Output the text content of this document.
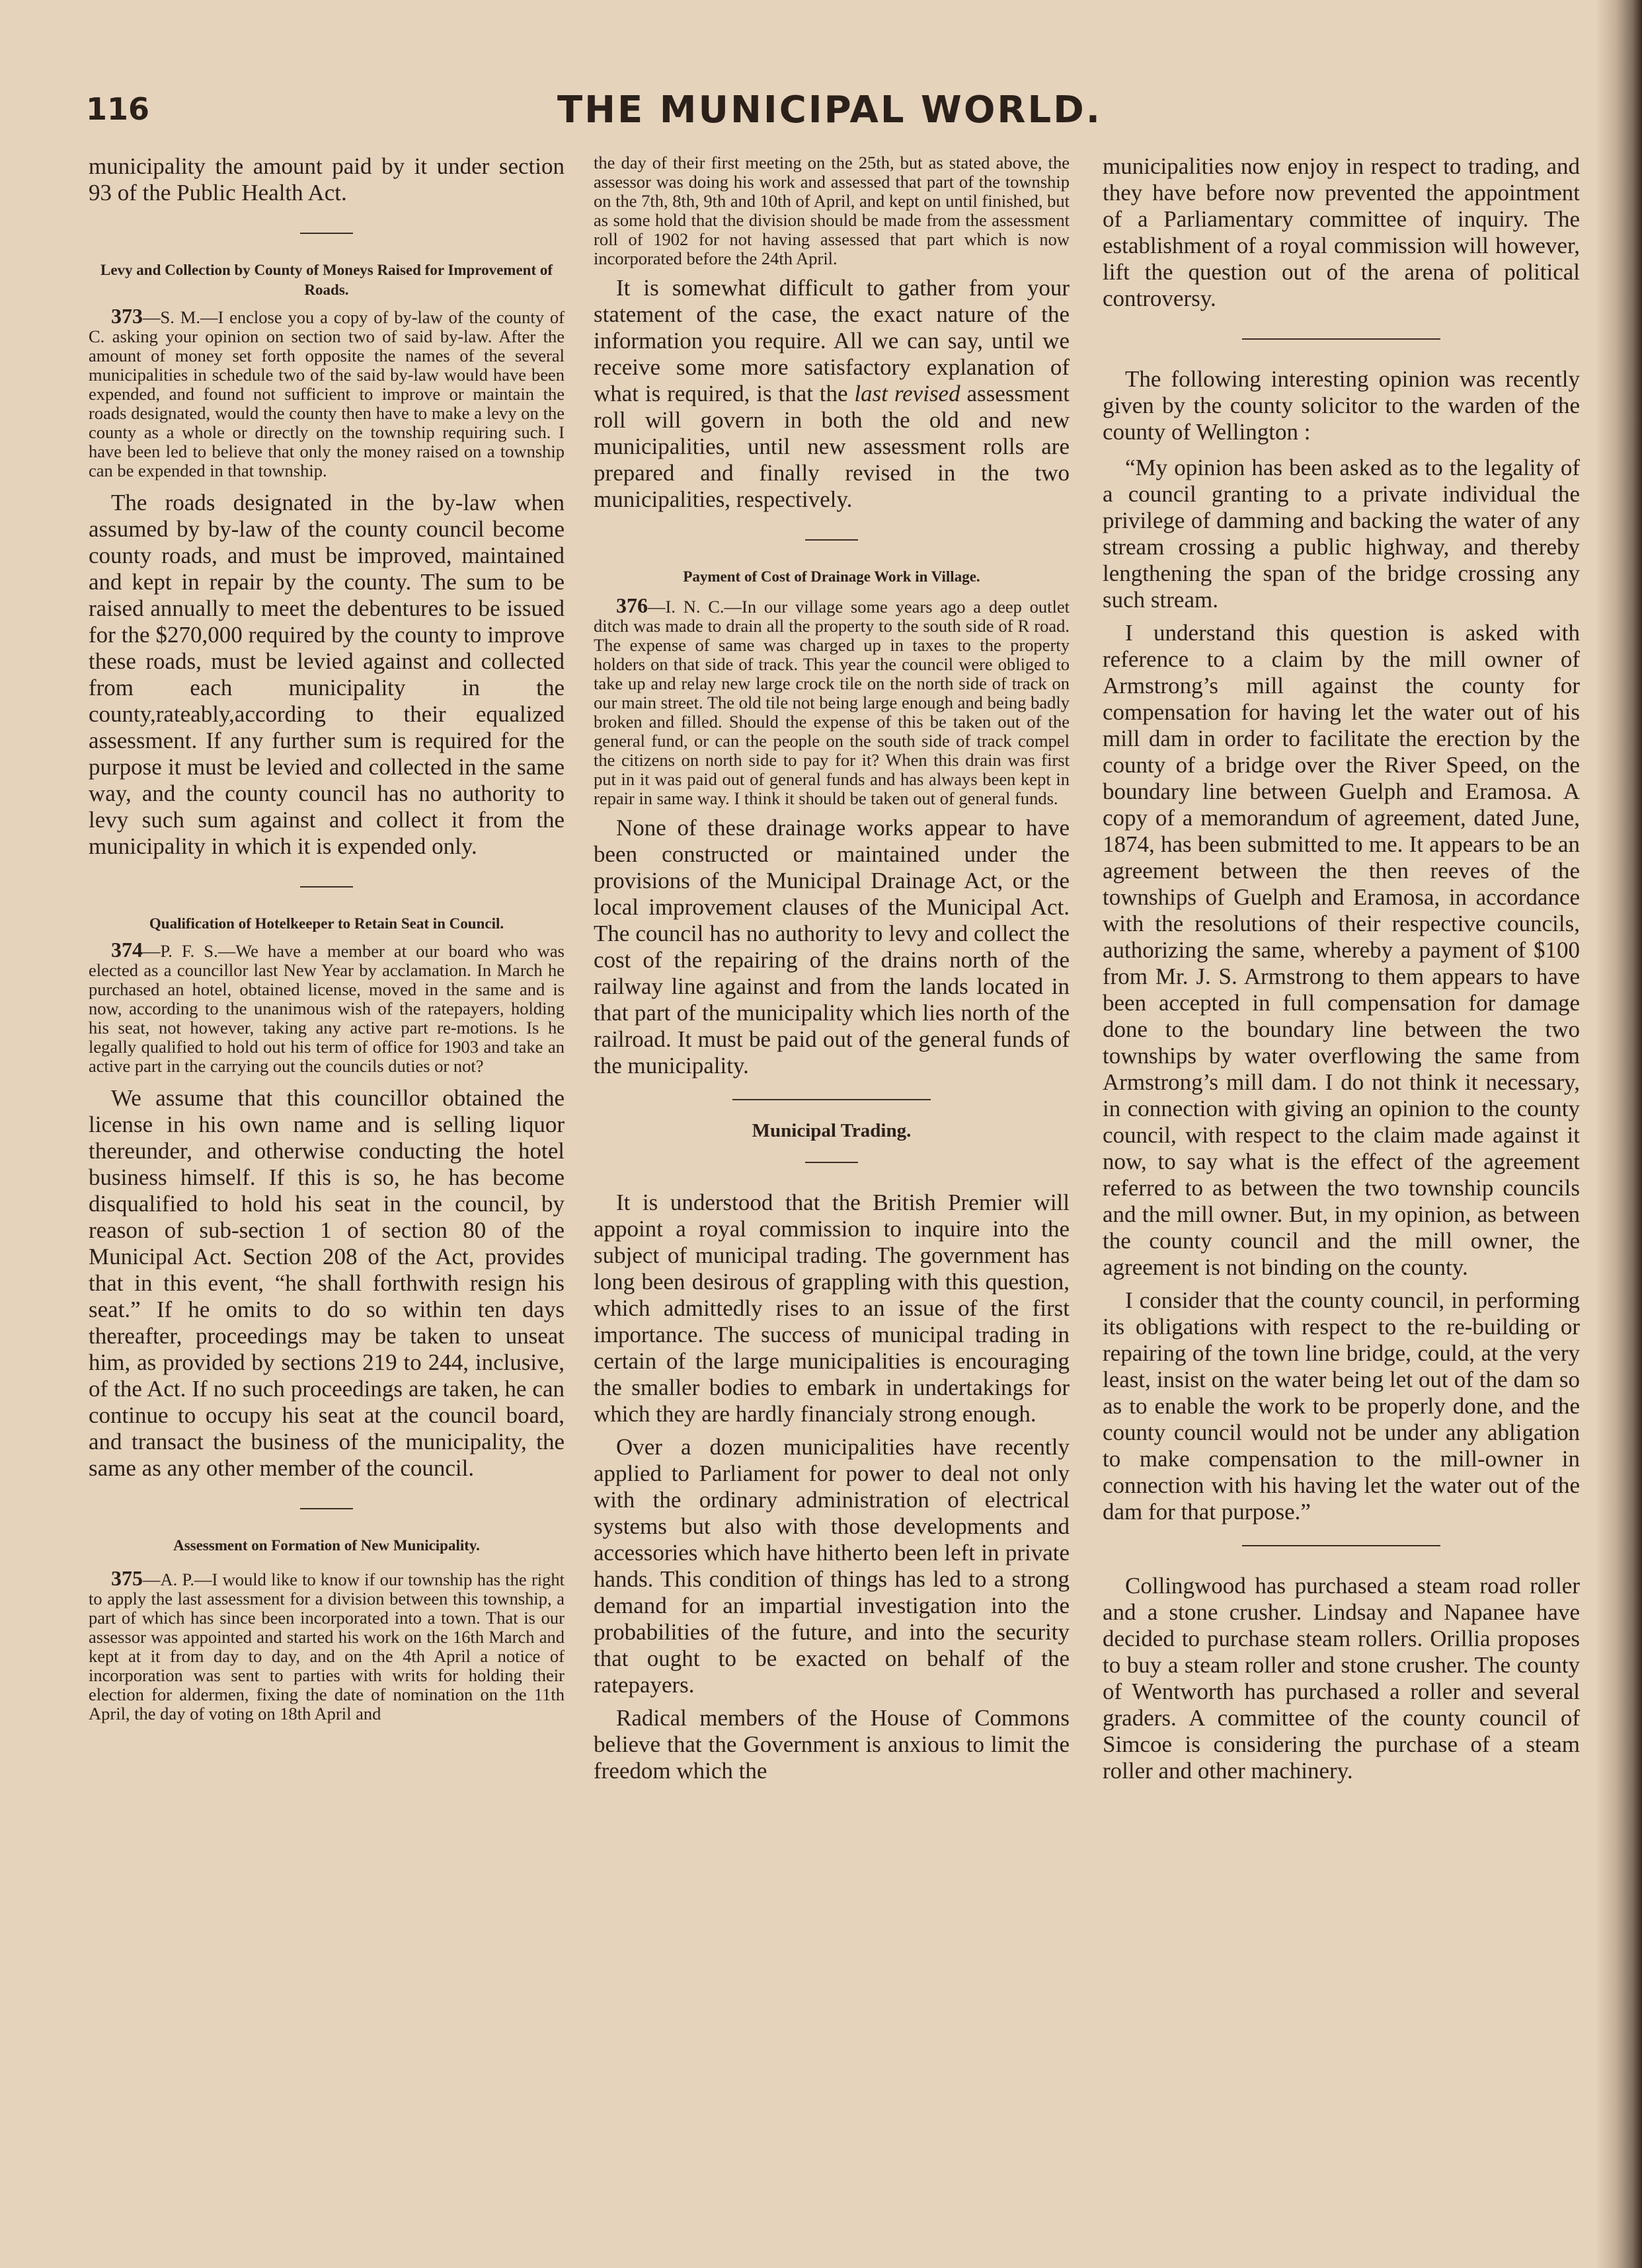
116	THE MUNICIPAL WORLD.

municipality the amount paid by it under section 93 of the Public Health Act.

Levy and Collection by County of Moneys Raised for Improvement of Roads.

373—S. M.—I enclose you a copy of by-law of the county of C. asking your opinion on section two of said by-law. After the amount of money set forth opposite the names of the several municipalities in schedule two of the said by-law would have been expended, and found not sufficient to improve or maintain the roads designated, would the county then have to make a levy on the county as a whole or directly on the township requiring such. I have been led to believe that only the money raised on a township can be expended in that township.

The roads designated in the by-law when assumed by by-law of the county council become county roads, and must be improved, maintained and kept in repair by the county. The sum to be raised annually to meet the debentures to be issued for the $270,000 required by the county to improve these roads, must be levied against and collected from each municipality in the county,rateably,according to their equalized assessment. If any further sum is required for the purpose it must be levied and collected in the same way, and the county council has no authority to levy such sum against and collect it from the municipality in which it is expended only.

Qualification of Hotelkeeper to Retain Seat in Council.

374—P. F. S.—We have a member at our board who was elected as a councillor last New Year by acclamation. In March he purchased an hotel, obtained license, moved in the same and is now, according to the unanimous wish of the ratepayers, holding his seat, not however, taking any active part re-motions. Is he legally qualified to hold out his term of office for 1903 and take an active part in the carrying out the councils duties or not?

We assume that this councillor obtained the license in his own name and is selling liquor thereunder, and otherwise conducting the hotel business himself. If this is so, he has become disqualified to hold his seat in the council, by reason of sub-section 1 of section 80 of the Municipal Act. Section 208 of the Act, provides that in this event, “he shall forthwith resign his seat.” If he omits to do so within ten days thereafter, proceedings may be taken to unseat him, as provided by sections 219 to 244, inclusive, of the Act. If no such proceedings are taken, he can continue to occupy his seat at the council board, and transact the business of the municipality, the same as any other member of the council.

Assessment on Formation of New Municipality.

375—A. P.—I would like to know if our township has the right to apply the last assessment for a division between this township, a part of which has since been incorporated into a town. That is our assessor was appointed and started his work on the 16th March and kept at it from day to day, and on the 4th April a notice of incorporation was sent to parties with writs for holding their election for aldermen, fixing the date of nomination on the 11th April, the day of voting on 18th April and

the day of their first meeting on the 25th, but as stated above, the assessor was doing his work and assessed that part of the township on the 7th, 8th, 9th and 10th of April, and kept on until finished, but as some hold that the division should be made from the assessment roll of 1902 for not having assessed that part which is now incorporated before the 24th April.

It is somewhat difficult to gather from your statement of the case, the exact nature of the information you require. All we can say, until we receive some more satisfactory explanation of what is required, is that the last revised assessment roll will govern in both the old and new municipalities, until new assessment rolls are prepared and finally revised in the two municipalities, respectively.

Payment of Cost of Drainage Work in Village.

376—I. N. C.—In our village some years ago a deep outlet ditch was made to drain all the property to the south side of R road. The expense of same was charged up in taxes to the property holders on that side of track. This year the council were obliged to take up and relay new large crock tile on the north side of track on our main street. The old tile not being large enough and being badly broken and filled. Should the expense of this be taken out of the general fund, or can the people on the south side of track compel the citizens on north side to pay for it? When this drain was first put in it was paid out of general funds and has always been kept in repair in same way. I think it should be taken out of general funds.

None of these drainage works appear to have been constructed or maintained under the provisions of the Municipal Drainage Act, or the local improvement clauses of the Municipal Act. The council has no authority to levy and collect the cost of the repairing of the drains north of the railway line against and from the lands located in that part of the municipality which lies north of the railroad. It must be paid out of the general funds of the municipality.

Municipal Trading.

It is understood that the British Premier will appoint a royal commission to inquire into the subject of municipal trading. The government has long been desirous of grappling with this question, which admittedly rises to an issue of the first importance. The success of municipal trading in certain of the large municipalities is encouraging the smaller bodies to embark in undertakings for which they are hardly financialy strong enough.

Over a dozen municipalities have recently applied to Parliament for power to deal not only with the ordinary administration of electrical systems but also with those developments and accessories which have hitherto been left in private hands. This condition of things has led to a strong demand for an impartial investigation into the probabilities of the future, and into the security that ought to be exacted on behalf of the ratepayers.

Radical members of the House of Commons believe that the Government is anxious to limit the freedom which the

municipalities now enjoy in respect to trading, and they have before now prevented the appointment of a Parliamentary committee of inquiry. The establishment of a royal commission will however, lift the question out of the arena of political controversy.

The following interesting opinion was recently given by the county solicitor to the warden of the county of Wellington :

“My opinion has been asked as to the legality of a council granting to a private individual the privilege of damming and backing the water of any stream crossing a public highway, and thereby lengthening the span of the bridge crossing any such stream.

I understand this question is asked with reference to a claim by the mill owner of Armstrong’s mill against the county for compensation for having let the water out of his mill dam in order to facilitate the erection by the county of a bridge over the River Speed, on the boundary line between Guelph and Eramosa. A copy of a memorandum of agreement, dated June, 1874, has been submitted to me. It appears to be an agreement between the then reeves of the townships of Guelph and Eramosa, in accordance with the resolutions of their respective councils, authorizing the same, whereby a payment of $100 from Mr. J. S. Armstrong to them appears to have been accepted in full compensation for damage done to the boundary line between the two townships by water overflowing the same from Armstrong’s mill dam. I do not think it necessary, in connection with giving an opinion to the county council, with respect to the claim made against it now, to say what is the effect of the agreement referred to as between the two township councils and the mill owner. But, in my opinion, as between the county council and the mill owner, the agreement is not binding on the county.

I consider that the county council, in performing its obligations with respect to the re-building or repairing of the town line bridge, could, at the very least, insist on the water being let out of the dam so as to enable the work to be properly done, and the county council would not be under any abligation to make compensation to the mill-owner in connection with his having let the water out of the dam for that purpose.”

Collingwood has purchased a steam road roller and a stone crusher. Lindsay and Napanee have decided to purchase steam rollers. Orillia proposes to buy a steam roller and stone crusher. The county of Wentworth has purchased a roller and several graders. A committee of the county council of Simcoe is considering the purchase of a steam roller and other machinery.
